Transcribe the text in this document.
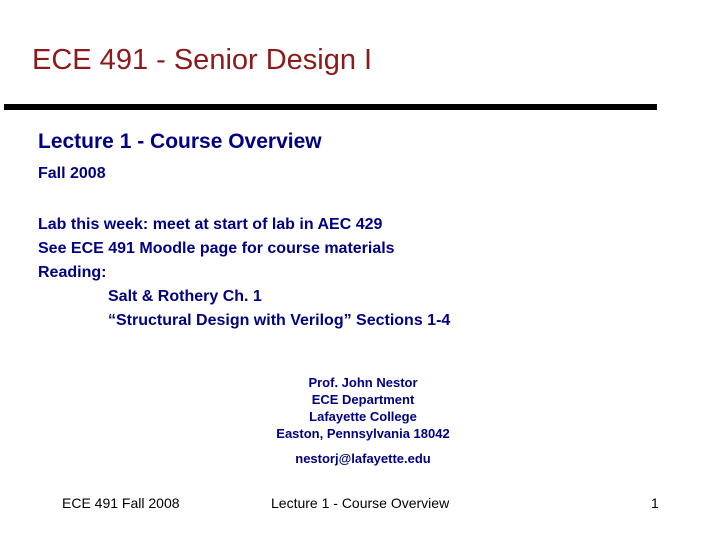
ECE 491 - Senior Design I
Lecture 1 - Course Overview
Fall 2008
Lab this week: meet at start of lab in AEC 429
See ECE 491 Moodle page for course materials
Reading:
Salt & Rothery Ch. 1
“Structural Design with Verilog” Sections 1-4
Prof. John Nestor
ECE Department
Lafayette College
Easton, Pennsylvania 18042
nestorj@lafayette.edu
ECE 491 Fall 2008	Lecture 1 - Course Overview	1
